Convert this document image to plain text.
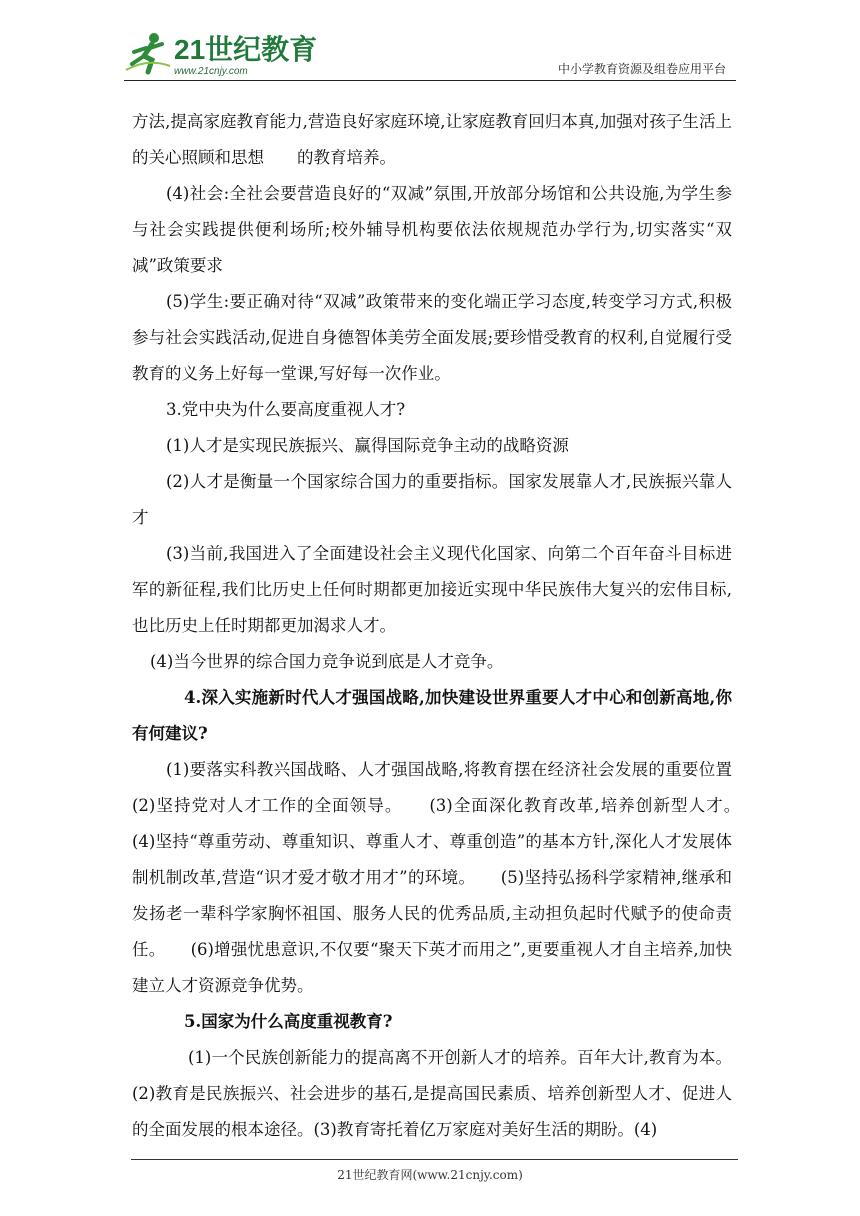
21世纪教育
www.21cnjy.com	中小学教育资源及组卷应用平台

方法,提高家庭教育能力,营造良好家庭环境,让家庭教育回归本真,加强对孩子生活上的关心照顾和思想　　的教育培养。

(4)社会:全社会要营造良好的“双减”氛围,开放部分场馆和公共设施,为学生参与社会实践提供便利场所;校外辅导机构要依法依规规范办学行为,切实落实“双减”政策要求

(5)学生:要正确对待“双减”政策带来的变化端正学习态度,转变学习方式,积极参与社会实践活动,促进自身德智体美劳全面发展;要珍惜受教育的权利,自觉履行受教育的义务上好每一堂课,写好每一次作业。

3.党中央为什么要高度重视人才?

(1)人才是实现民族振兴、赢得国际竞争主动的战略资源

(2)人才是衡量一个国家综合国力的重要指标。国家发展靠人才,民族振兴靠人才

(3)当前,我国进入了全面建设社会主义现代化国家、向第二个百年奋斗目标进军的新征程,我们比历史上任何时期都更加接近实现中华民族伟大复兴的宏伟目标,也比历史上任时期都更加渴求人才。

(4)当今世界的综合国力竞争说到底是人才竞争。

4.深入实施新时代人才强国战略,加快建设世界重要人才中心和创新高地,你有何建议?

(1)要落实科教兴国战略、人才强国战略,将教育摆在经济社会发展的重要位置　(2)坚持党对人才工作的全面领导。　　(3)全面深化教育改革,培养创新型人才。　　(4)坚持“尊重劳动、尊重知识、尊重人才、尊重创造”的基本方针,深化人才发展体制机制改革,营造“识才爱才敬才用才”的环境。　　(5)坚持弘扬科学家精神,继承和发扬老一辈科学家胸怀祖国、服务人民的优秀品质,主动担负起时代赋予的使命责任。　　(6)增强忧患意识,不仅要“聚天下英才而用之”,更要重视人才自主培养,加快建立人才资源竞争优势。

5.国家为什么高度重视教育?

(1)一个民族创新能力的提高离不开创新人才的培养。百年大计,教育为本。(2)教育是民族振兴、社会进步的基石,是提高国民素质、培养创新型人才、促进人的全面发展的根本途径。(3)教育寄托着亿万家庭对美好生活的期盼。(4)

21世纪教育网(www.21cnjy.com)
